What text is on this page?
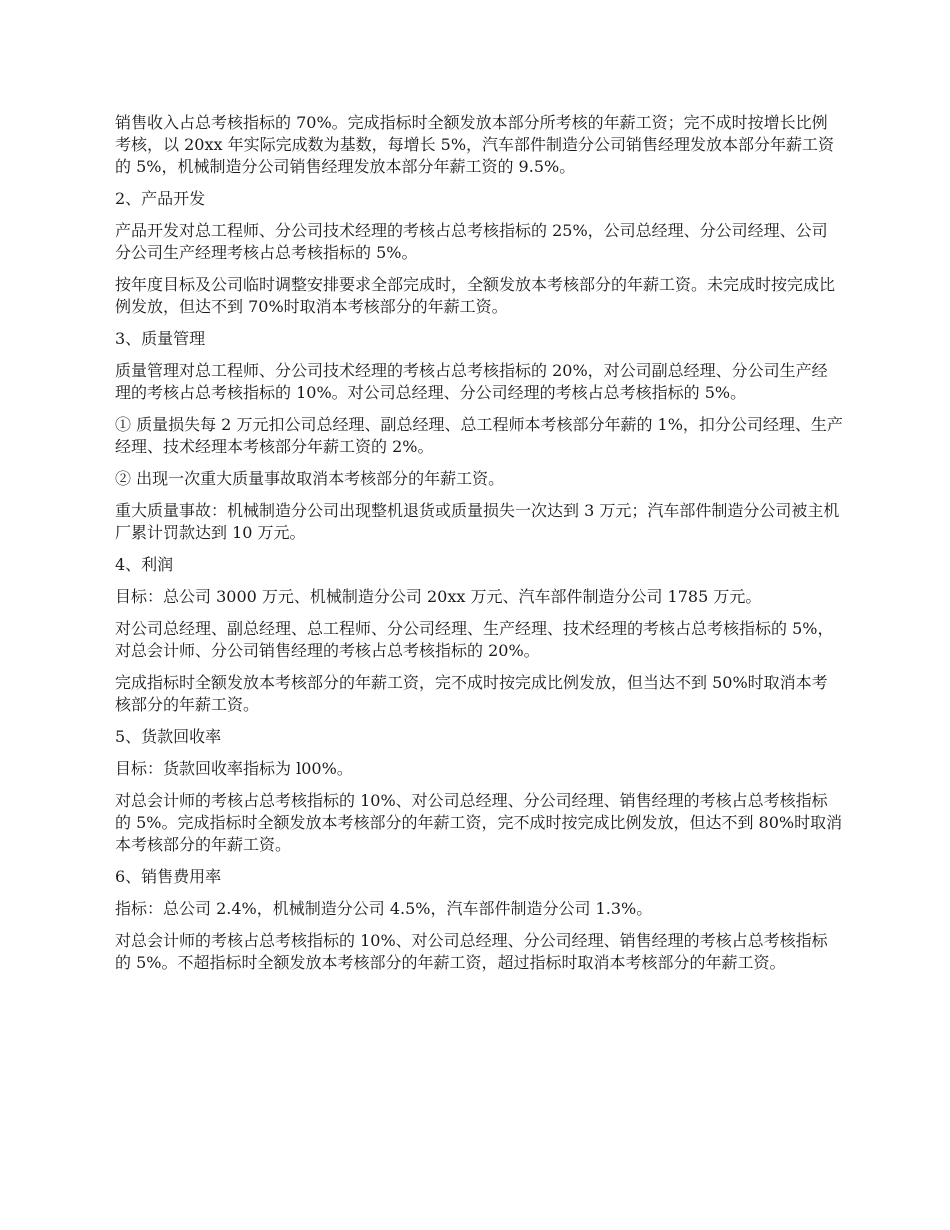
销售收入占总考核指标的 70%。完成指标时全额发放本部分所考核的年薪工资；完不成时按增长比例考核，以 20xx 年实际完成数为基数，每增长 5%，汽车部件制造分公司销售经理发放本部分年薪工资的 5%，机械制造分公司销售经理发放本部分年薪工资的 9.5%。

2、产品开发

产品开发对总工程师、分公司技术经理的考核占总考核指标的 25%，公司总经理、分公司经理、公司分公司生产经理考核占总考核指标的 5%。

按年度目标及公司临时调整安排要求全部完成时，全额发放本考核部分的年薪工资。未完成时按完成比例发放，但达不到 70%时取消本考核部分的年薪工资。

3、质量管理

质量管理对总工程师、分公司技术经理的考核占总考核指标的 20%，对公司副总经理、分公司生产经理的考核占总考核指标的 10%。对公司总经理、分公司经理的考核占总考核指标的 5%。

① 质量损失每 2 万元扣公司总经理、副总经理、总工程师本考核部分年薪的 1%，扣分公司经理、生产经理、技术经理本考核部分年薪工资的 2%。

② 出现一次重大质量事故取消本考核部分的年薪工资。

重大质量事故：机械制造分公司出现整机退货或质量损失一次达到 3 万元；汽车部件制造分公司被主机厂累计罚款达到 10 万元。

4、利润

目标：总公司 3000 万元、机械制造分公司 20xx 万元、汽车部件制造分公司 1785 万元。

对公司总经理、副总经理、总工程师、分公司经理、生产经理、技术经理的考核占总考核指标的 5%，对总会计师、分公司销售经理的考核占总考核指标的 20%。

完成指标时全额发放本考核部分的年薪工资，完不成时按完成比例发放，但当达不到 50%时取消本考核部分的年薪工资。

5、货款回收率

目标：货款回收率指标为 l00%。

对总会计师的考核占总考核指标的 10%、对公司总经理、分公司经理、销售经理的考核占总考核指标的 5%。完成指标时全额发放本考核部分的年薪工资，完不成时按完成比例发放，但达不到 80%时取消本考核部分的年薪工资。

6、销售费用率

指标：总公司 2.4%，机械制造分公司 4.5%，汽车部件制造分公司 1.3%。

对总会计师的考核占总考核指标的 10%、对公司总经理、分公司经理、销售经理的考核占总考核指标的 5%。不超指标时全额发放本考核部分的年薪工资，超过指标时取消本考核部分的年薪工资。
